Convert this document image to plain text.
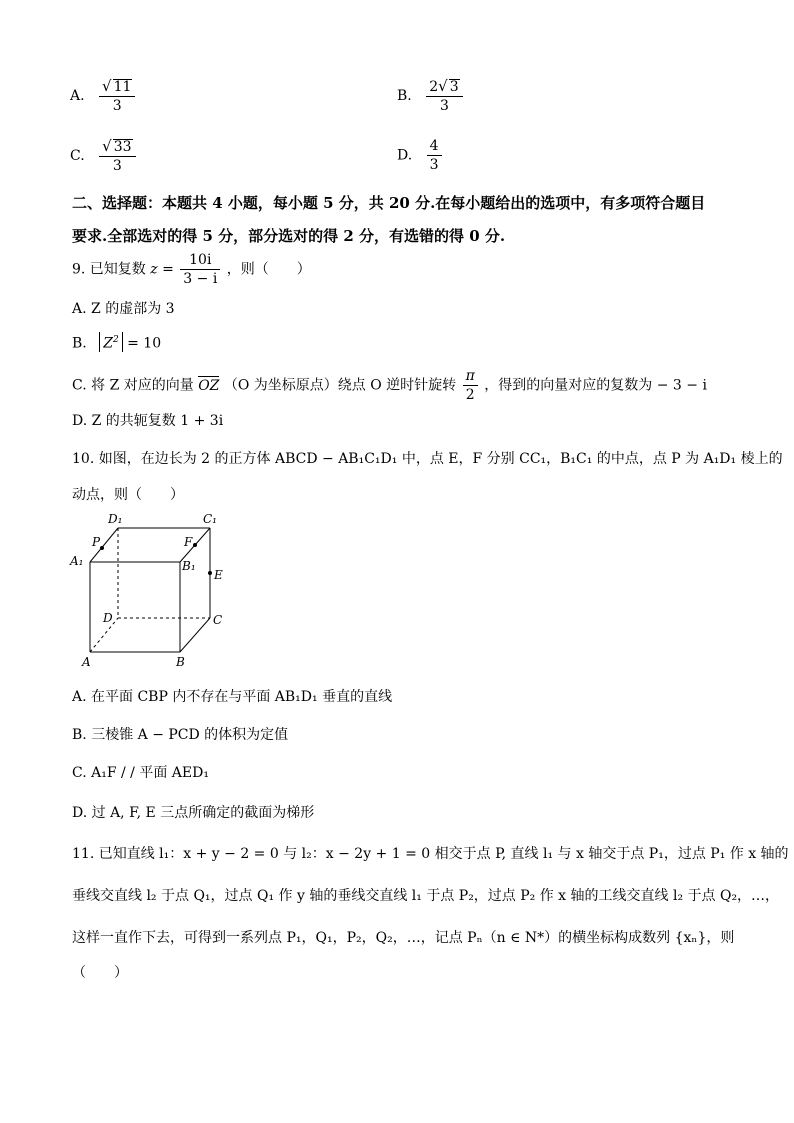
A. $\frac{√ 11}{3}$	B. $\frac{2√ 3}{3}$
C. $\frac{√ 33}{3}$	D. $\frac{4}{3}$
二、选择题：本题共 4 小题，每小题 5 分，共 20 分.在每小题给出的选项中，有多项符合题目
要求.全部选对的得 5 分，部分选对的得 2 分，有选错的得 0 分.
9. 已知复数 $z = \frac{10i}{3 - i}$ ，则（　　）
A. Z 的虚部为 3
B. $Z^2 = 10$
C. 将 Z 对应的向量 OZ （O 为坐标原点）绕点 O 逆时针旋转 $\frac{\pi}{2}$ ，得到的向量对应的复数为 − 3 − i
D. Z 的共轭复数 1 + 3i
10. 如图，在边长为 2 的正方体 ABCD − AB₁C₁D₁ 中，点 E，F 分别 CC₁，B₁C₁ 的中点，点 P 为 A₁D₁ 棱上的
动点，则（　　）
D₁	C₁
P	F
A₁	B₁
E
D	C
A	B
A. 在平面 CBP 内不存在与平面 AB₁D₁ 垂直的直线
B. 三棱锥 A − PCD 的体积为定值
C. A₁F / / 平面 AED₁
D. 过 A, F, E 三点所确定的截面为梯形
11. 已知直线 l₁：x + y − 2 = 0 与 l₂：x − 2y + 1 = 0 相交于点 P, 直线 l₁ 与 x 轴交于点 P₁，过点 P₁ 作 x 轴的
垂线交直线 l₂ 于点 Q₁，过点 Q₁ 作 y 轴的垂线交直线 l₁ 于点 P₂，过点 P₂ 作 x 轴的工线交直线 l₂ 于点 Q₂，…，
这样一直作下去，可得到一系列点 P₁，Q₁，P₂，Q₂，…，记点 Pₙ（n ∈ N*）的横坐标构成数列 {xₙ}，则
（　　）
